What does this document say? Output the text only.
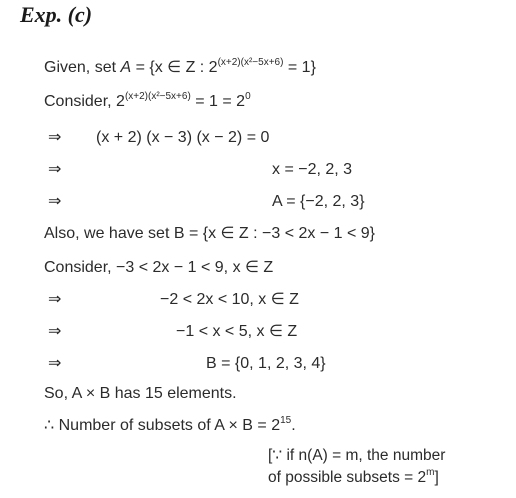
Exp. (c)
Given, set A = {x ∈ Z : $2^{(x+2)(x^2-5x+6)} = 1$}
Consider, $2^{(x+2)(x^2-5x+6)} = 1 = 2^0$
⇒ (x + 2) (x − 3) (x − 2) = 0
⇒	x = −2, 2, 3
⇒	A = {−2, 2, 3}
Also, we have set B = {x ∈ Z : −3 < 2x − 1 < 9}
Consider, −3 < 2x − 1 < 9, x ∈ Z
⇒	−2 < 2x < 10, x ∈ Z
⇒	−1 < x < 5, x ∈ Z
⇒	B = {0, 1, 2, 3, 4}
So, A × B has 15 elements.
∴ Number of subsets of $A \times B = 2^{15}$.
[∵ if n(A) = m, the number
of possible subsets = $2^m$]
